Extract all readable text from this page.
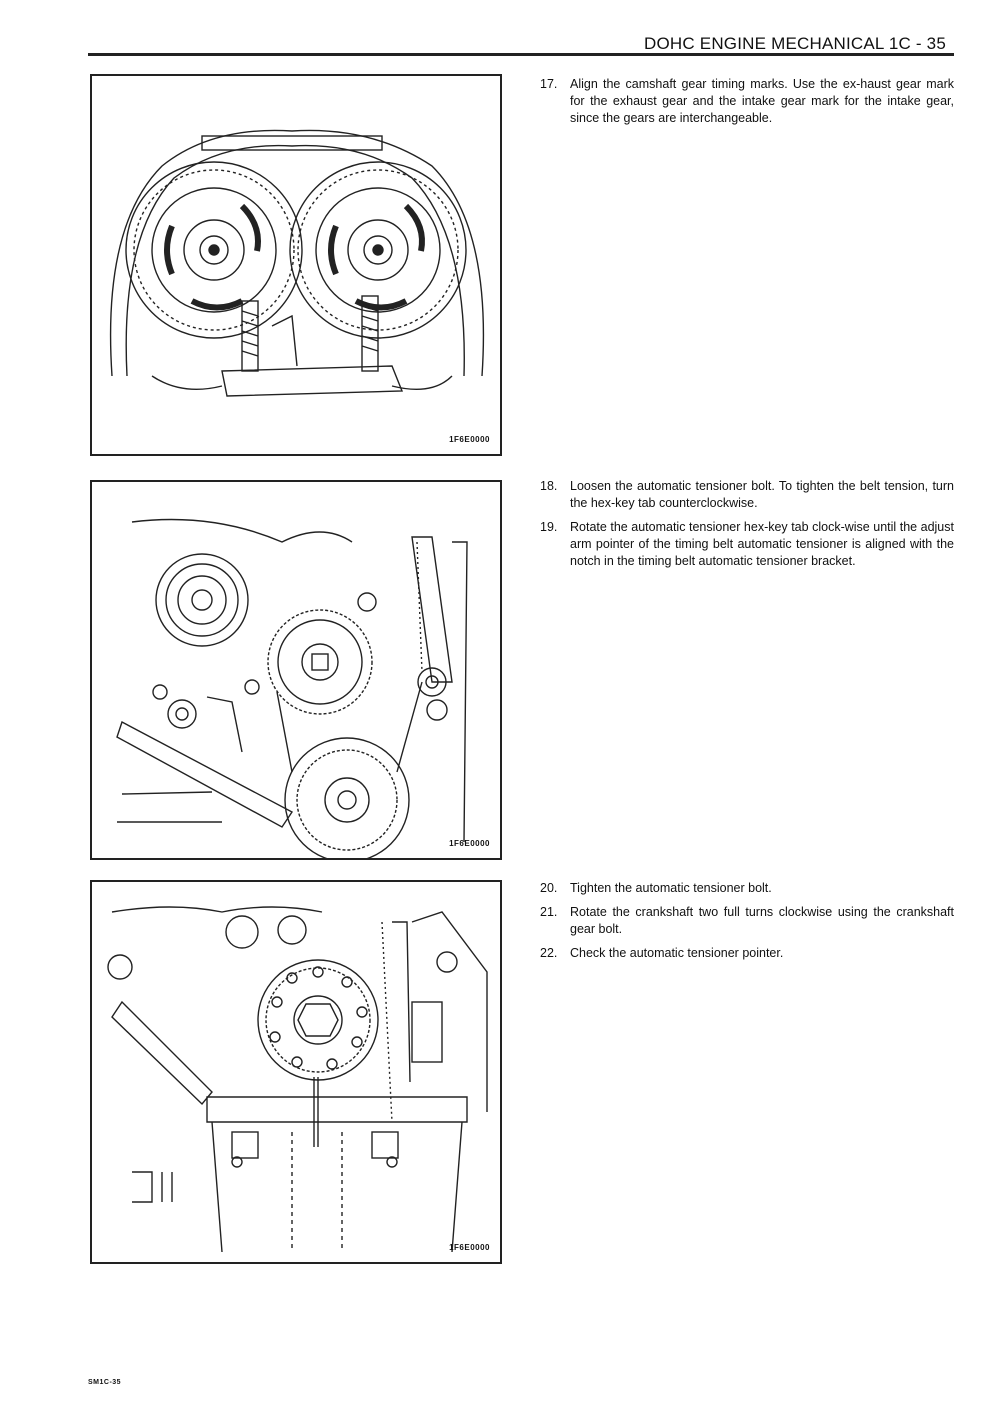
DOHC ENGINE MECHANICAL 1C - 35
1F6E0000
17.	Align the camshaft gear timing marks. Use the ex-haust gear mark for the exhaust gear and the intake gear mark for the intake gear, since the gears are interchangeable.
1F6E0000
18.	Loosen the automatic tensioner bolt. To tighten the belt tension, turn the hex-key tab counterclockwise.
19.	Rotate the automatic tensioner hex-key tab clock-wise until the adjust arm pointer of the timing belt automatic tensioner is aligned with the notch in the timing belt automatic tensioner bracket.
1F6E0000
20.	Tighten the automatic tensioner bolt.
21.	Rotate the crankshaft two full turns clockwise using the crankshaft gear bolt.
22.	Check the automatic tensioner pointer.
SM1C-35
